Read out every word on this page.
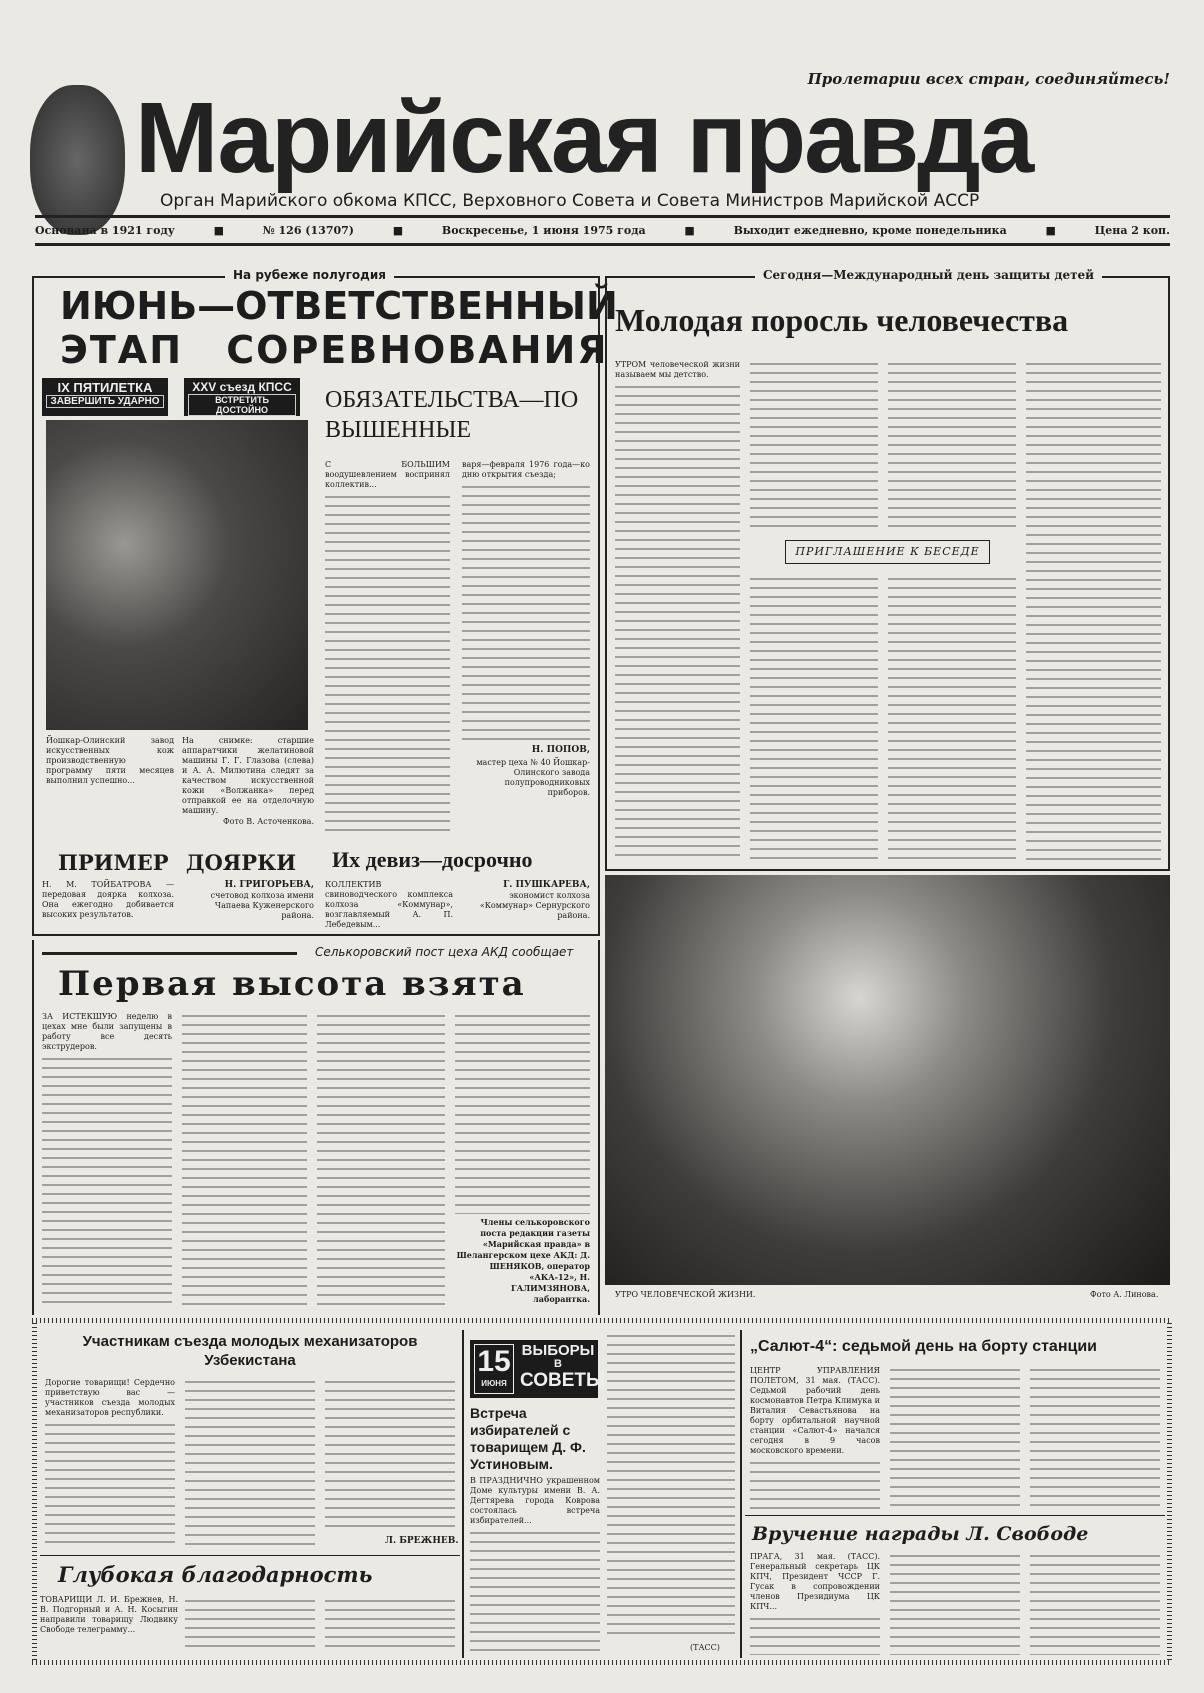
Пролетарии всех стран, соединяйтесь!
Марийская правда
Орган Марийского обкома КПСС, Верховного Совета и Совета Министров Марийской АССР
Основана в 1921 году	■	№ 126 (13707)	■	Воскресенье, 1 июня 1975 года	■	Выходит ежедневно, кроме понедельника	■	Цена 2 коп.
На рубеже полугодия
ИЮНЬ—ОТВЕТСТВЕННЫЙ
ЭТАП СОРЕВНОВАНИЯ
IX ПЯТИЛЕТКА
ЗАВЕРШИТЬ УДАРНО
XXV съезд КПСС
ВСТРЕТИТЬ ДОСТОЙНО	ОБЯЗАТЕЛЬСТВА—ПОВЫШЕННЫЕ
С БОЛЬШИМ воодушевлением воспринял коллектив...
варя—февраля 1976 года—ко дню открытия съезда;
Н. ПОПОВ,
мастер цеха № 40 Йошкар-Олинского завода полупроводниковых приборов.
Йошкар-Олинский завод искусственных кож производственную программу пяти месяцев выполнил успешно...
На снимке: старшие аппаратчики желатиновой машины Г. Г. Глазова (слева) и А. А. Милютина следят за качеством искусственной кожи «Волжанка» перед отправкой ее на отделочную машину.
Фото В. Асточенкова.
ПРИМЕР ДОЯРКИ
Н. М. ТОЙБАТРОВА — передовая доярка колхоза. Она ежегодно добивается высоких результатов.
Н. ГРИГОРЬЕВА,
счетовод колхоза имени Чапаева Куженерского района.
Их девиз—досрочно
КОЛЛЕКТИВ свиноводческого комплекса колхоза «Коммунар», возглавляемый А. П. Лебедевым...
Г. ПУШКАРЕВА,
экономист колхоза «Коммунар» Сернурского района.
Селькоровский пост цеха АКД сообщает
Первая высота взята
ЗА ИСТЕКШУЮ неделю в цехах мне были запущены в работу все десять экструдеров.
Члены селькоровского поста редакции газеты «Марийская правда» в Шелангерском цехе АКД: Д. ШЕНЯКОВ, оператор «АКА-12», Н. ГАЛИМЗЯНОВА, лаборантка.
Сегодня—Международный день защиты детей
Молодая поросль человечества
УТРОМ человеческой жизни называем мы детство.
ПРИГЛАШЕНИЕ К БЕСЕДЕ
УТРО ЧЕЛОВЕЧЕСКОЙ ЖИЗНИ.	Фото А. Линова.
Участникам съезда молодых механизаторов Узбекистана
Дорогие товарищи! Сердечно приветствую вас — участников съезда молодых механизаторов республики.
Л. БРЕЖНЕВ.
Глубокая благодарность
ТОВАРИЩИ Л. И. Брежнев, Н. В. Подгорный и А. Н. Косыгин направили товарищу Людвику Свободе телеграмму...
15
ИЮНЯ
ВЫБОРЫ
В
СОВЕТЫ
Встреча избирателей с товарищем Д. Ф. Устиновым.
В ПРАЗДНИЧНО украшенном Доме культуры имени В. А. Дегтярева города Коврова состоялась встреча избирателей...
(ТАСС)
„Салют-4“: седьмой день на борту станции
ЦЕНТР УПРАВЛЕНИЯ ПОЛЕТОМ, 31 мая. (ТАСС). Седьмой рабочий день космонавтов Петра Климука и Виталия Севастьянова на борту орбитальной научной станции «Салют-4» начался сегодня в 9 часов московского времени.
Вручение награды Л. Свободе
ПРАГА, 31 мая. (ТАСС). Генеральный секретарь ЦК КПЧ, Президент ЧССР Г. Гусак в сопровождении членов Президиума ЦК КПЧ...
